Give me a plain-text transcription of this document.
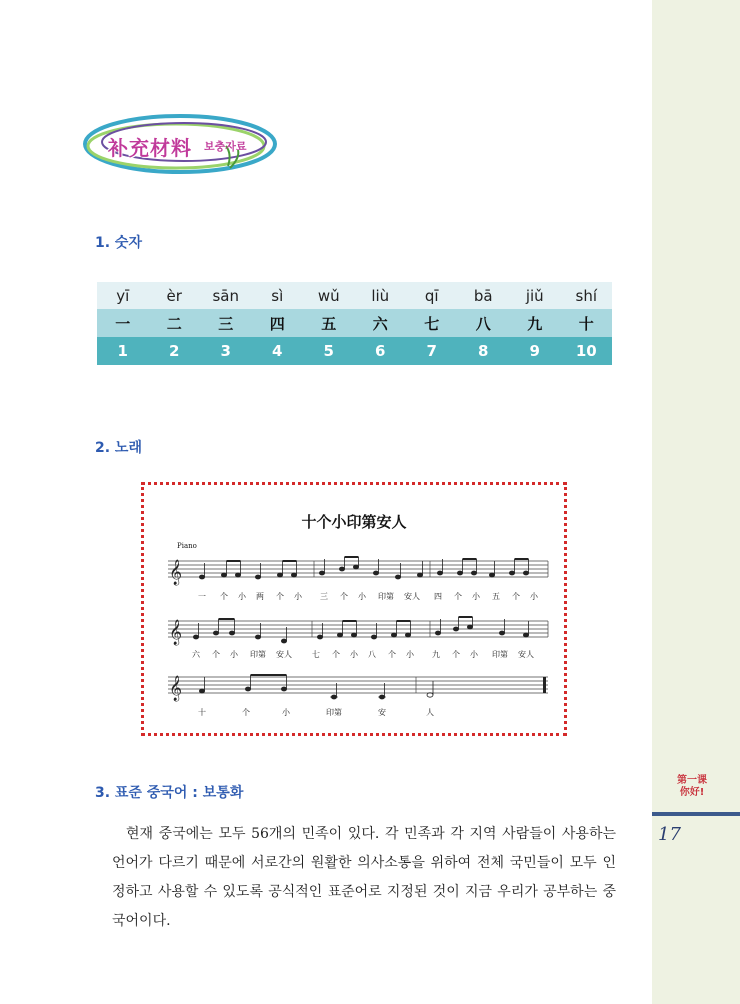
第一课
你好!
17
补充材料 보충자료
1. 숫자
yī	èr	sān	sì	wǔ	liù	qī	bā	jiǔ	shí
一	二	三	四	五	六	七	八	九	十
1	2	3	4	5	6	7	8	9	10
2. 노래
十个小印第安人
Piano
𝄞
𝄞
𝄞
一 个 小 两 个 小 三 个 小 印第 安人 四 个 小 五 个 小
六 个 小 印第 安人	七 个 小 八 个 小 九 个 小 印第 安人
十	个	小	印第	安	人
3. 표준 중국어 : 보통화

현재 중국에는 모두 56개의 민족이 있다. 각 민족과 각 지역 사람들이 사용하는 언어가 다르기 때문에 서로간의 원활한 의사소통을 위하여 전체 국민들이 모두 인정하고 사용할 수 있도록 공식적인 표준어로 지정된 것이 지금 우리가 공부하는 중국어이다.
